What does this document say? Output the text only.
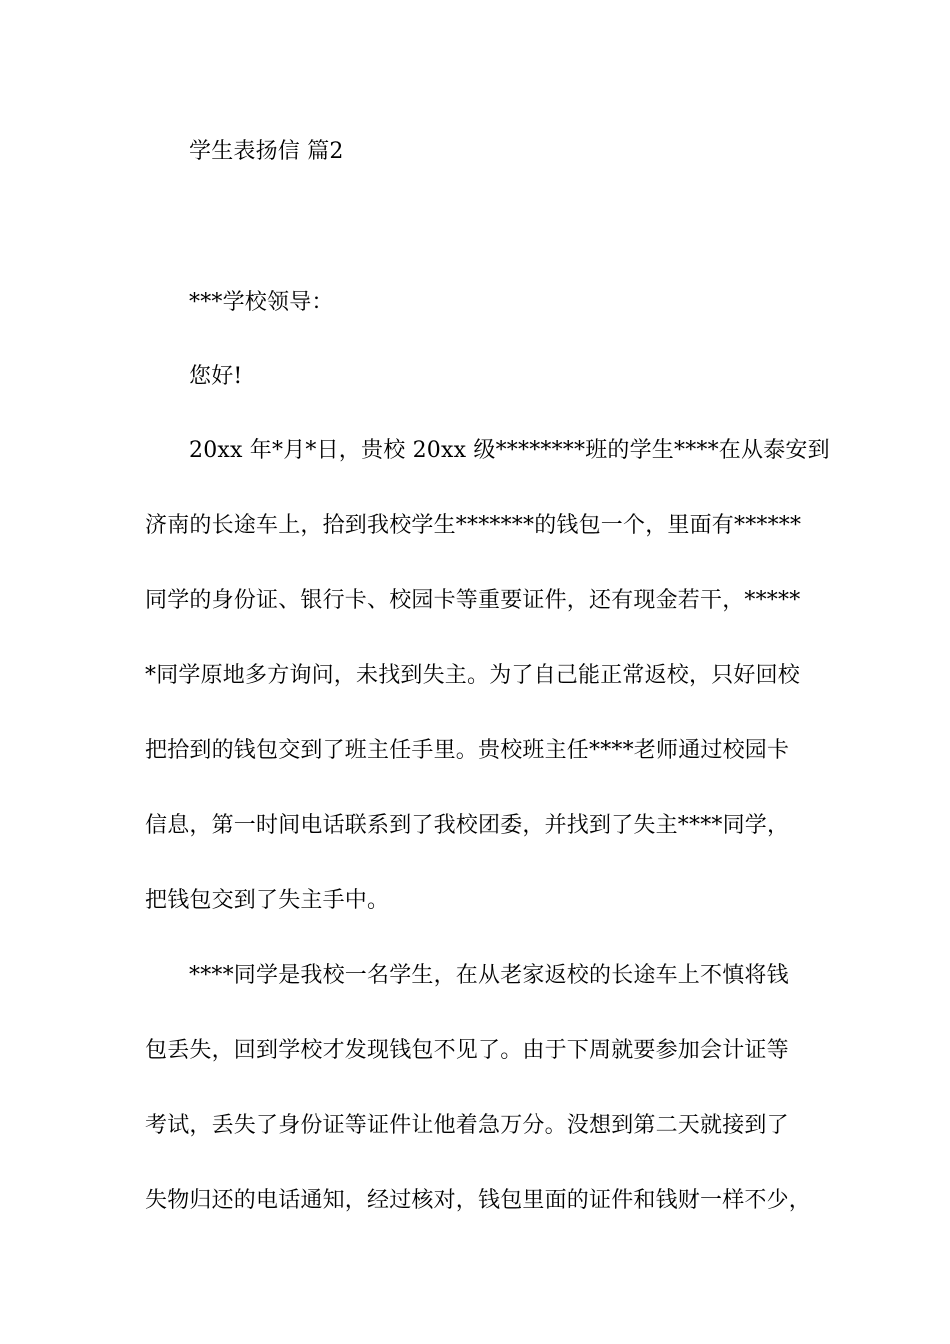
学生表扬信 篇2
***学校领导：
您好!
20xx 年*月*日，贵校 20xx 级********班的学生****在从泰安到
济南的长途车上，拾到我校学生*******的钱包一个，里面有******
同学的身份证、银行卡、校园卡等重要证件，还有现金若干，*****
*同学原地多方询问，未找到失主。为了自己能正常返校，只好回校
把拾到的钱包交到了班主任手里。贵校班主任****老师通过校园卡
信息，第一时间电话联系到了我校团委，并找到了失主****同学，
把钱包交到了失主手中。
****同学是我校一名学生，在从老家返校的长途车上不慎将钱
包丢失，回到学校才发现钱包不见了。由于下周就要参加会计证等
考试，丢失了身份证等证件让他着急万分。没想到第二天就接到了
失物归还的电话通知，经过核对，钱包里面的证件和钱财一样不少，
